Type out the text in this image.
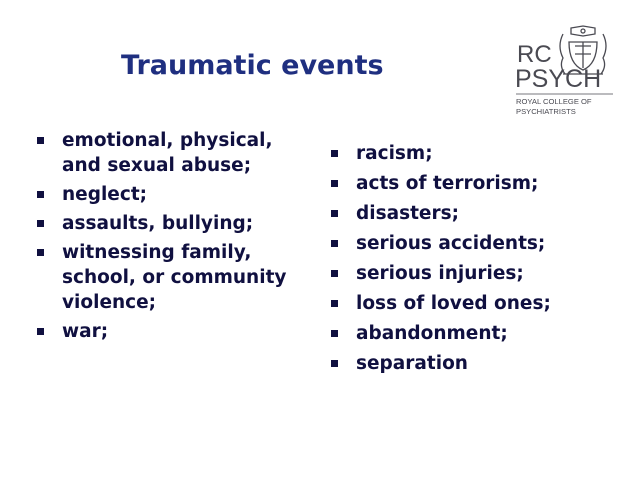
Traumatic events	RC
PSYCH
ROYAL COLLEGE OF
PSYCHIATRISTS
emotional, physical, and sexual abuse;
neglect;
assaults, bullying;
witnessing family, school, or community violence;
war;
racism;
acts of terrorism;
disasters;
serious accidents;
serious injuries;
loss of loved ones;
abandonment;
separation
